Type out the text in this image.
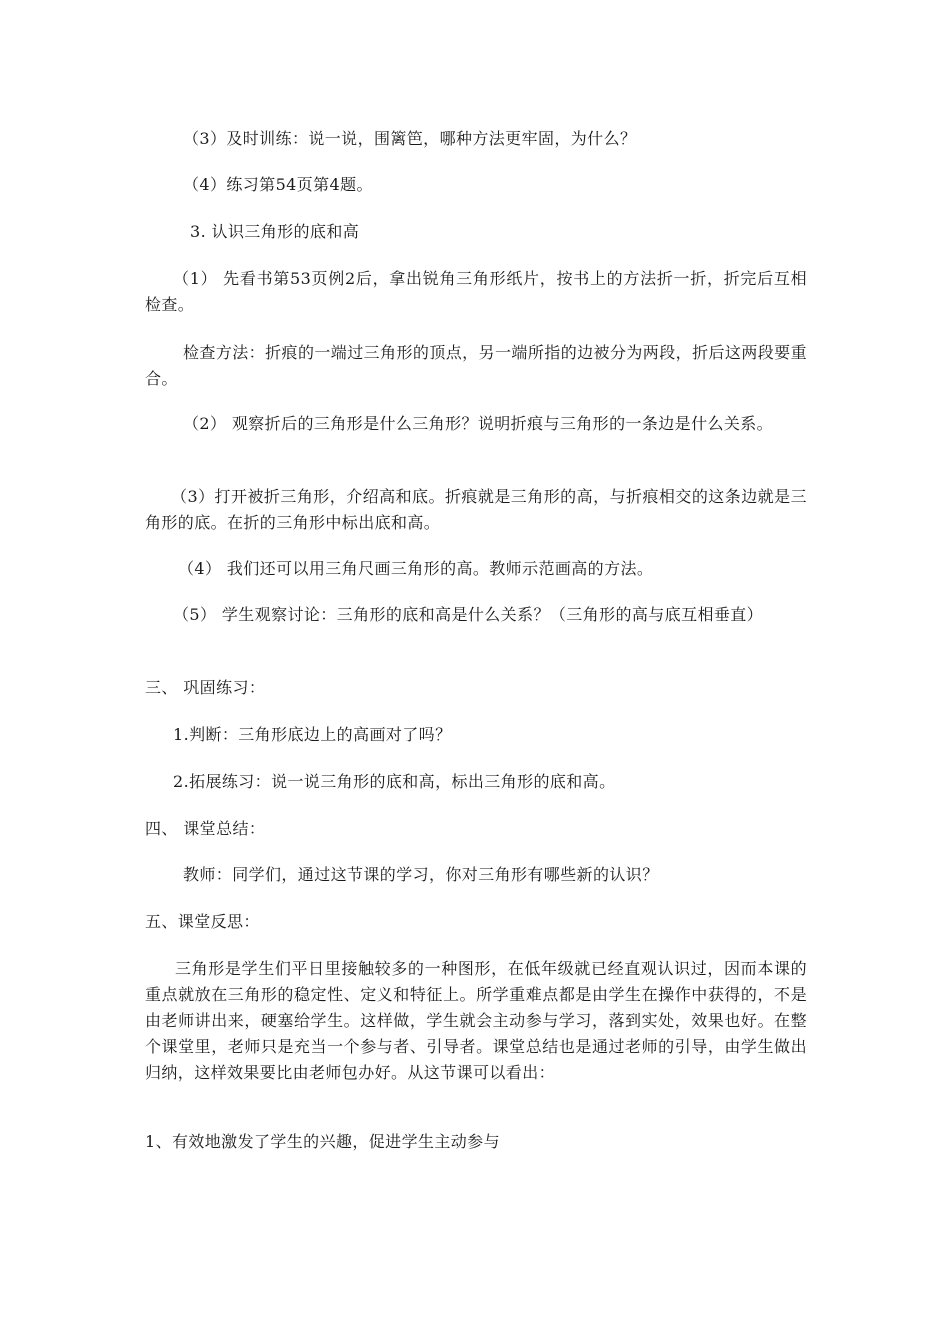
（3）及时训练：说一说，围篱笆，哪种方法更牢固，为什么？
（4）练习第54页第4题。
3. 认识三角形的底和高
（1） 先看书第53页例2后，拿出锐角三角形纸片，按书上的方法折一折，折完后互相检查。
检查方法：折痕的一端过三角形的顶点，另一端所指的边被分为两段，折后这两段要重合。
（2） 观察折后的三角形是什么三角形？说明折痕与三角形的一条边是什么关系。
（3）打开被折三角形，介绍高和底。折痕就是三角形的高，与折痕相交的这条边就是三角形的底。在折的三角形中标出底和高。
（4） 我们还可以用三角尺画三角形的高。教师示范画高的方法。
（5） 学生观察讨论：三角形的底和高是什么关系？（三角形的高与底互相垂直）
三、 巩固练习：
1.判断：三角形底边上的高画对了吗？
2.拓展练习：说一说三角形的底和高，标出三角形的底和高。
四、 课堂总结：
教师：同学们，通过这节课的学习，你对三角形有哪些新的认识？
五、课堂反思：
三角形是学生们平日里接触较多的一种图形，在低年级就已经直观认识过，因而本课的重点就放在三角形的稳定性、定义和特征上。所学重难点都是由学生在操作中获得的，不是由老师讲出来，硬塞给学生。这样做，学生就会主动参与学习，落到实处，效果也好。在整个课堂里，老师只是充当一个参与者、引导者。课堂总结也是通过老师的引导，由学生做出归纳，这样效果要比由老师包办好。从这节课可以看出：
1、有效地激发了学生的兴趣，促进学生主动参与
